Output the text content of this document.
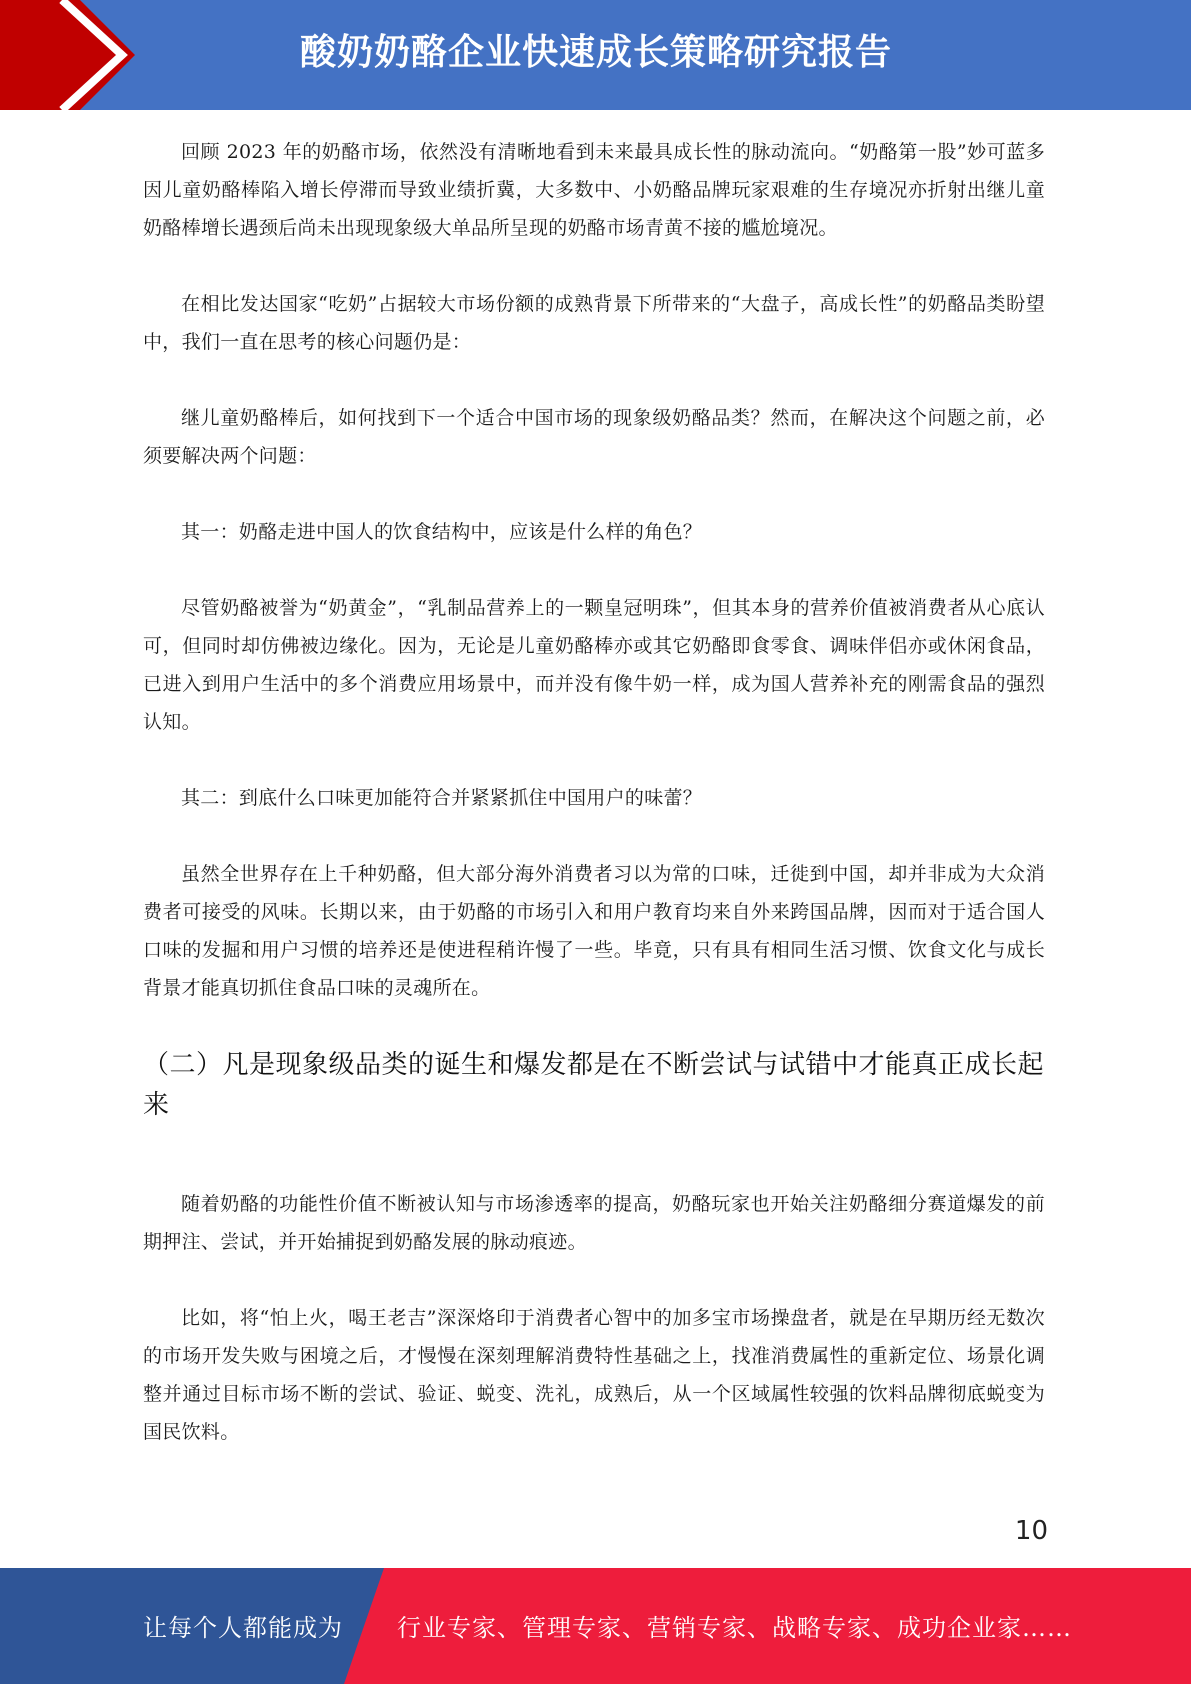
酸奶奶酪企业快速成长策略研究报告

回顾 2023 年的奶酪市场，依然没有清晰地看到未来最具成长性的脉动流向。“奶酪第一股”妙可蓝多因儿童奶酪棒陷入增长停滞而导致业绩折冀，大多数中、小奶酪品牌玩家艰难的生存境况亦折射出继儿童奶酪棒增长遇颈后尚未出现现象级大单品所呈现的奶酪市场青黄不接的尴尬境况。

在相比发达国家“吃奶”占据较大市场份额的成熟背景下所带来的“大盘子，高成长性”的奶酪品类盼望中，我们一直在思考的核心问题仍是：

继儿童奶酪棒后，如何找到下一个适合中国市场的现象级奶酪品类？然而，在解决这个问题之前，必须要解决两个问题：

其一：奶酪走进中国人的饮食结构中，应该是什么样的角色？

尽管奶酪被誉为“奶黄金”，“乳制品营养上的一颗皇冠明珠”，但其本身的营养价值被消费者从心底认可，但同时却仿佛被边缘化。因为，无论是儿童奶酪棒亦或其它奶酪即食零食、调味伴侣亦或休闲食品，已进入到用户生活中的多个消费应用场景中，而并没有像牛奶一样，成为国人营养补充的刚需食品的强烈认知。

其二：到底什么口味更加能符合并紧紧抓住中国用户的味蕾？

虽然全世界存在上千种奶酪，但大部分海外消费者习以为常的口味，迁徙到中国，却并非成为大众消费者可接受的风味。长期以来，由于奶酪的市场引入和用户教育均来自外来跨国品牌，因而对于适合国人口味的发掘和用户习惯的培养还是使进程稍许慢了一些。毕竟，只有具有相同生活习惯、饮食文化与成长背景才能真切抓住食品口味的灵魂所在。

（二）凡是现象级品类的诞生和爆发都是在不断尝试与试错中才能真正成长起来

随着奶酪的功能性价值不断被认知与市场渗透率的提高，奶酪玩家也开始关注奶酪细分赛道爆发的前期押注、尝试，并开始捕捉到奶酪发展的脉动痕迹。

比如，将“怕上火，喝王老吉”深深烙印于消费者心智中的加多宝市场操盘者，就是在早期历经无数次的市场开发失败与困境之后，才慢慢在深刻理解消费特性基础之上，找准消费属性的重新定位、场景化调整并通过目标市场不断的尝试、验证、蜕变、洗礼，成熟后，从一个区域属性较强的饮料品牌彻底蜕变为国民饮料。

10
让每个人都能成为 行业专家、管理专家、营销专家、战略专家、成功企业家……
